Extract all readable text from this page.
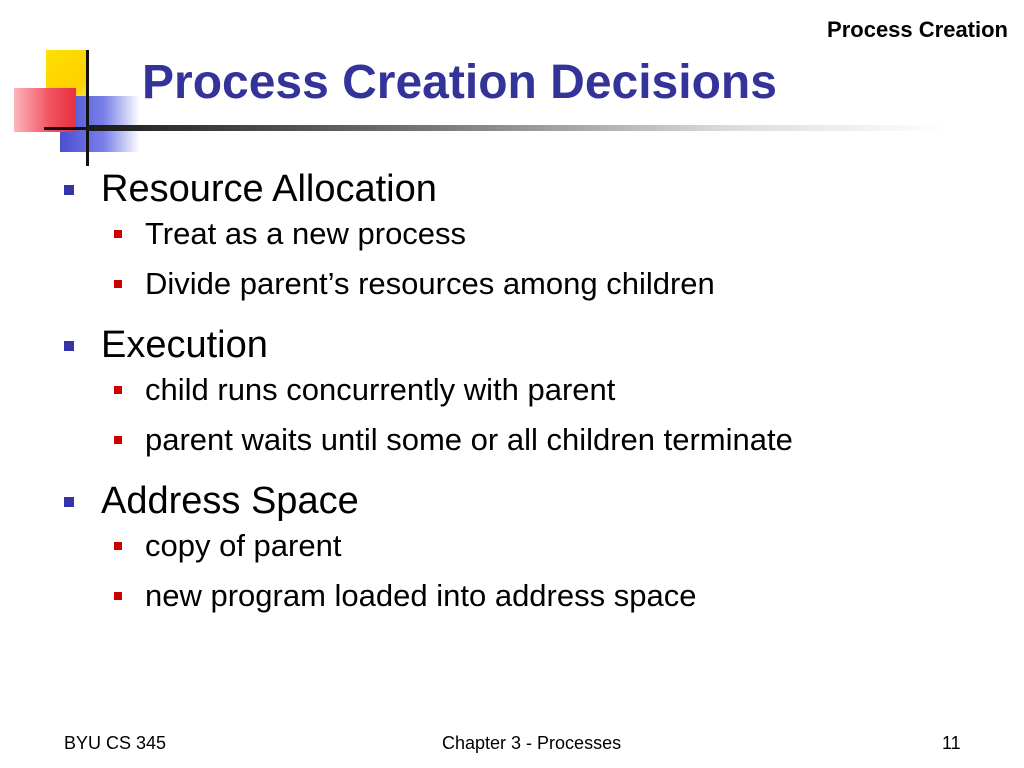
Process Creation
Process Creation Decisions
Resource Allocation
Treat as a new process
Divide parent’s resources among children
Execution
child runs concurrently with parent
parent waits until some or all children terminate
Address Space
copy of parent
new program loaded into address space
BYU CS 345	Chapter 3 - Processes	11
